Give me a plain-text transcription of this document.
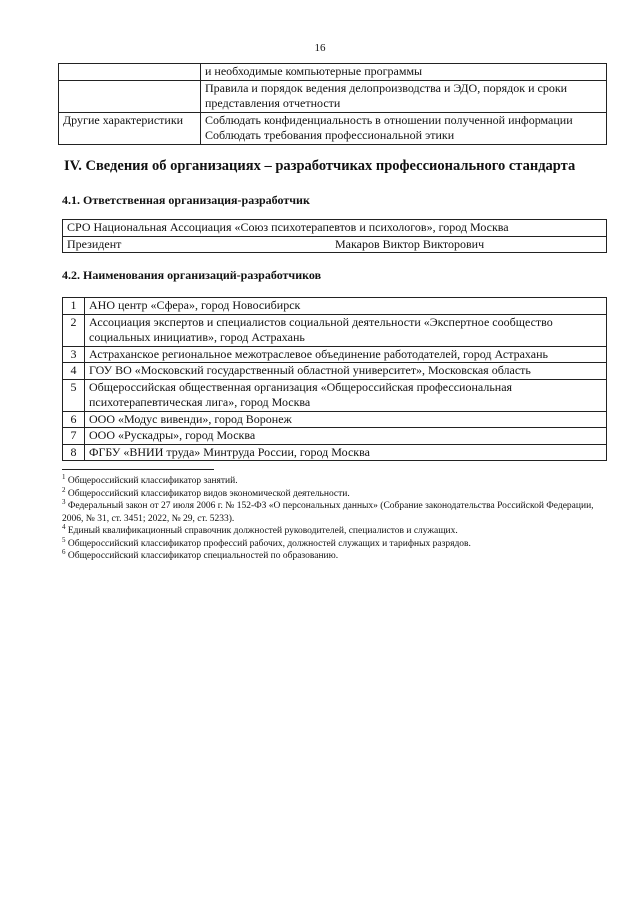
16
	и необходимые компьютерные программы
	Правила и порядок ведения делопроизводства и ЭДО, порядок и сроки представления отчетности
Другие характеристики	Соблюдать конфиденциальность в отношении полученной информации
Соблюдать требования профессиональной этики
IV. Сведения об организациях – разработчиках профессионального стандарта
4.1. Ответственная организация-разработчик
СРО Национальная Ассоциация «Союз психотерапевтов и психологов», город Москва

Президент	Макаров Виктор Викторович
4.2. Наименования организаций-разработчиков
1	АНО центр «Сфера», город Новосибирск
2	Ассоциация экспертов и специалистов социальной деятельности «Экспертное сообщество социальных инициатив», город Астрахань
3	Астраханское региональное межотраслевое объединение работодателей, город Астрахань
4	ГОУ ВО «Московский государственный областной университет», Московская область
5	Общероссийская общественная организация «Общероссийская профессиональная психотерапевтическая лига», город Москва
6	ООО «Модус вивенди», город Воронеж
7	ООО «Рускадры», город Москва
8	ФГБУ «ВНИИ труда» Минтруда России, город Москва

$^1$ Общероссийский классификатор занятий.

$^2$ Общероссийский классификатор видов экономической деятельности.

$^3$ Федеральный закон от 27 июля 2006 г. № 152-ФЗ «О персональных данных» (Собрание законодательства Российской Федерации, 2006, № 31, ст. 3451; 2022, № 29, ст. 5233).

$^4$ Единый квалификационный справочник должностей руководителей, специалистов и служащих.

$^5$ Общероссийский классификатор профессий рабочих, должностей служащих и тарифных разрядов.

$^6$ Общероссийский классификатор специальностей по образованию.
